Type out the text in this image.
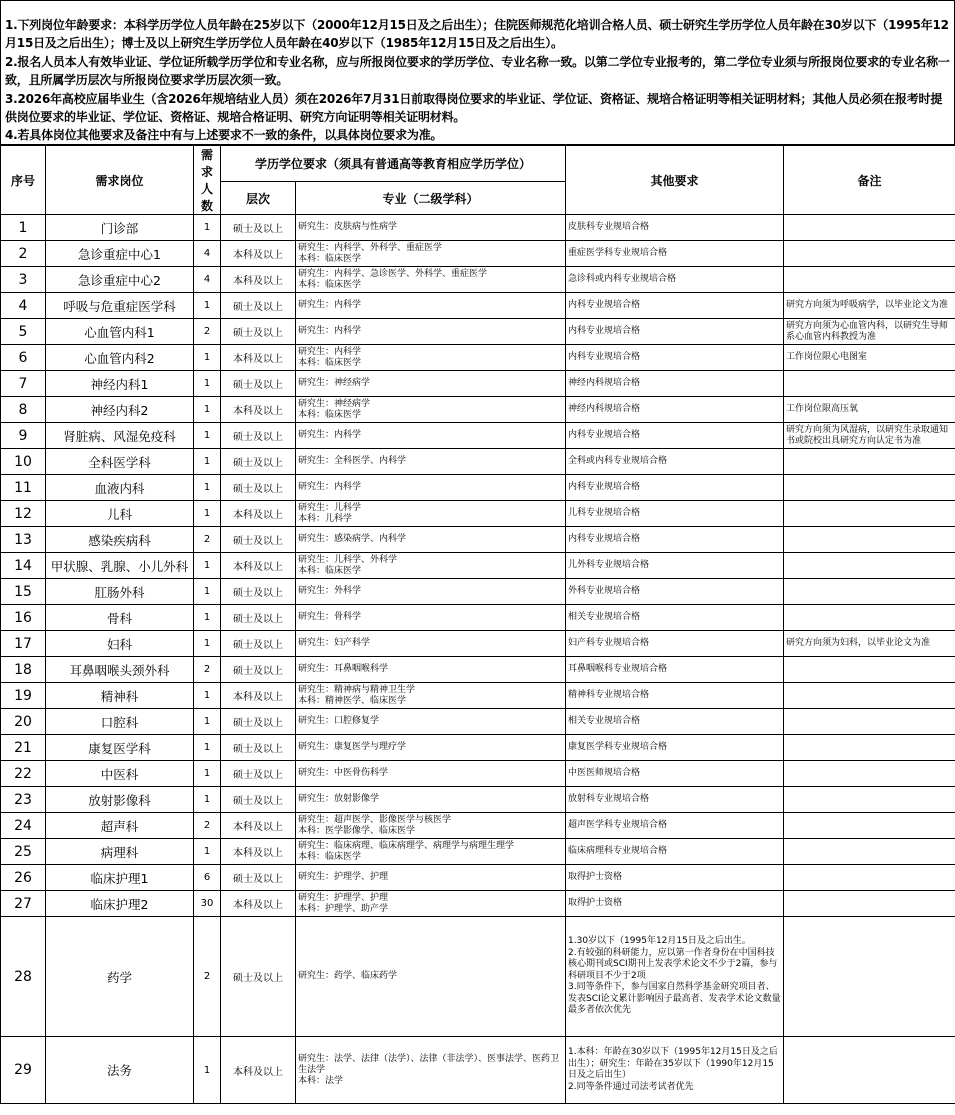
1.下列岗位年龄要求：本科学历学位人员年龄在25岁以下（2000年12月15日及之后出生）；住院医师规范化培训合格人员、硕士研究生学历学位人员年龄在30岁以下（1995年12月15日及之后出生）；博士及以上研究生学历学位人员年龄在40岁以下（1985年12月15日及之后出生）。

2.报名人员本人有效毕业证、学位证所载学历学位和专业名称，应与所报岗位要求的学历学位、专业名称一致。以第二学位专业报考的，第二学位专业须与所报岗位要求的专业名称一致，且所属学历层次与所报岗位要求学历层次须一致。

3.2026年高校应届毕业生（含2026年规培结业人员）须在2026年7月31日前取得岗位要求的毕业证、学位证、资格证、规培合格证明等相关证明材料；其他人员必须在报考时提供岗位要求的毕业证、学位证、资格证、规培合格证明、研究方向证明等相关证明材料。

4.若具体岗位其他要求及备注中有与上述要求不一致的条件，以具体岗位要求为准。

序号	需求岗位	需求人数	学历学位要求（须具有普通高等教育相应学历学位）		其他要求	备注
			层次	专业（二级学科）		
1	门诊部	1	硕士及以上	研究生：皮肤病与性病学	皮肤科专业规培合格	
2	急诊重症中心1	4	本科及以上	研究生：内科学、外科学、重症医学
本科：临床医学	重症医学科专业规培合格	
3	急诊重症中心2	4	本科及以上	研究生：内科学、急诊医学、外科学、重症医学
本科：临床医学	急诊科或内科专业规培合格	
4	呼吸与危重症医学科	1	硕士及以上	研究生：内科学	内科专业规培合格	研究方向须为呼吸病学，以毕业论文为准
5	心血管内科1	2	硕士及以上	研究生：内科学	内科专业规培合格	研究方向须为心血管内科，以研究生导师系心血管内科教授为准
6	心血管内科2	1	本科及以上	研究生：内科学
本科：临床医学	内科专业规培合格	工作岗位限心电图室
7	神经内科1	1	硕士及以上	研究生：神经病学	神经内科规培合格	
8	神经内科2	1	本科及以上	研究生：神经病学
本科：临床医学	神经内科规培合格	工作岗位限高压氧
9	肾脏病、风湿免疫科	1	硕士及以上	研究生：内科学	内科专业规培合格	研究方向须为风湿病，以研究生录取通知书或院校出具研究方向认定书为准
10	全科医学科	1	硕士及以上	研究生：全科医学、内科学	全科或内科专业规培合格	
11	血液内科	1	硕士及以上	研究生：内科学	内科专业规培合格	
12	儿科	1	本科及以上	研究生：儿科学
本科：儿科学	儿科专业规培合格	
13	感染疾病科	2	硕士及以上	研究生：感染病学、内科学	内科专业规培合格	
14	甲状腺、乳腺、小儿外科	1	本科及以上	研究生：儿科学、外科学
本科：临床医学	儿外科专业规培合格	
15	肛肠外科	1	硕士及以上	研究生：外科学	外科专业规培合格	
16	骨科	1	硕士及以上	研究生：骨科学	相关专业规培合格	
17	妇科	1	硕士及以上	研究生：妇产科学	妇产科专业规培合格	研究方向须为妇科，以毕业论文为准
18	耳鼻咽喉头颈外科	2	硕士及以上	研究生：耳鼻咽喉科学	耳鼻咽喉科专业规培合格	
19	精神科	1	本科及以上	研究生：精神病与精神卫生学
本科：精神医学、临床医学	精神科专业规培合格	
20	口腔科	1	硕士及以上	研究生：口腔修复学	相关专业规培合格	
21	康复医学科	1	硕士及以上	研究生：康复医学与理疗学	康复医学科专业规培合格	
22	中医科	1	硕士及以上	研究生：中医骨伤科学	中医医师规培合格	
23	放射影像科	1	硕士及以上	研究生：放射影像学	放射科专业规培合格	
24	超声科	2	本科及以上	研究生：超声医学、影像医学与核医学
本科：医学影像学、临床医学	超声医学科专业规培合格	
25	病理科	1	本科及以上	研究生：临床病理、临床病理学、病理学与病理生理学
本科：临床医学	临床病理科专业规培合格	
26	临床护理1	6	硕士及以上	研究生：护理学、护理	取得护士资格	
27	临床护理2	30	本科及以上	研究生：护理学、护理
本科：护理学、助产学	取得护士资格	
28	药学	2	硕士及以上	研究生：药学、临床药学	1.30岁以下（1995年12月15日及之后出生。
2.有较强的科研能力，应以第一作者身份在中国科技核心期刊或SCI期刊上发表学术论文不少于2篇，参与科研项目不少于2项
3.同等条件下，参与国家自然科学基金研究项目者、发表SCI论文累计影响因子最高者、发表学术论文数量最多者依次优先	
29	法务	1	本科及以上	研究生：法学、法律（法学）、法律（非法学）、医事法学、医药卫生法学
本科：法学	1.本科：年龄在30岁以下（1995年12月15日及之后出生）；研究生：年龄在35岁以下（1990年12月15日及之后出生）
2.同等条件通过司法考试者优先	
